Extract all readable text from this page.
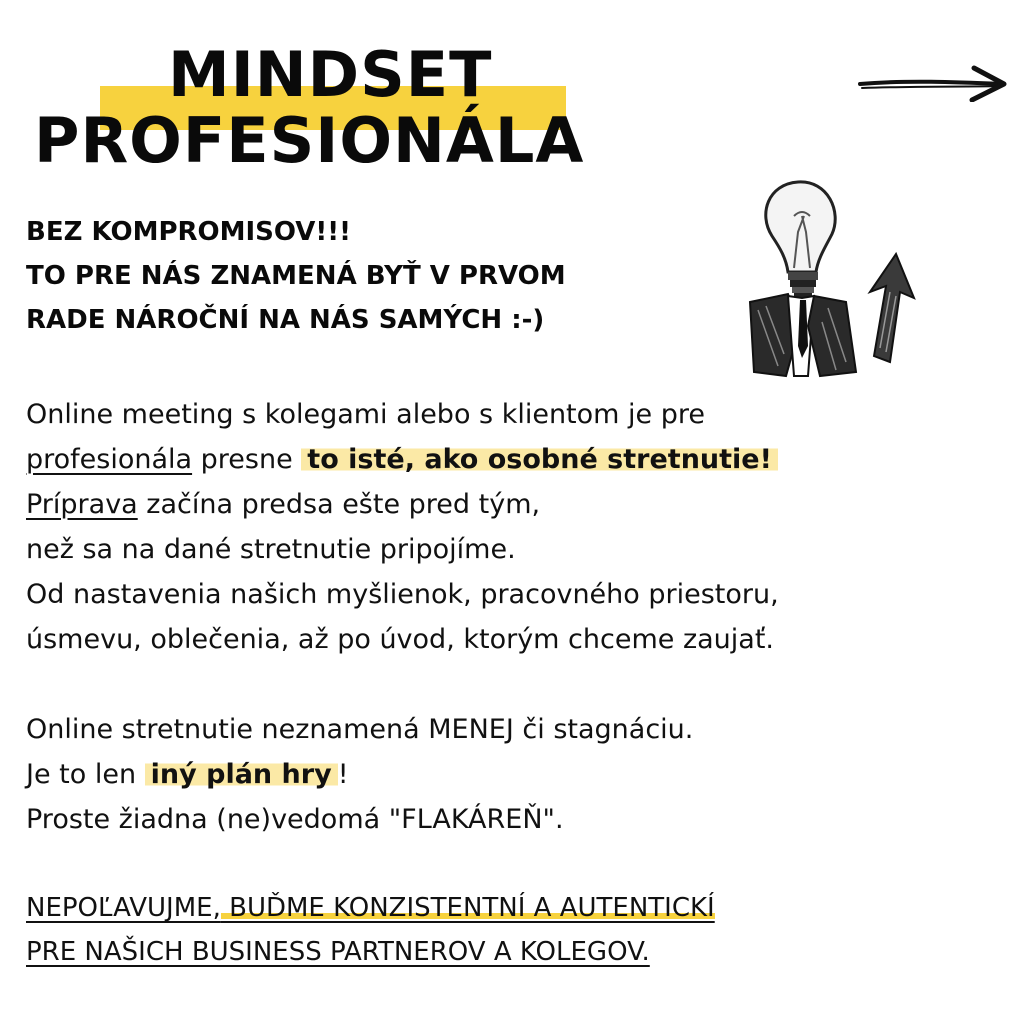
MINDSET
PROFESIONÁLA
BEZ KOMPROMISOV!!!
TO PRE NÁS ZNAMENÁ BYŤ V PRVOM
RADE NÁROČNÍ NA NÁS SAMÝCH :-)
Online meeting s kolegami alebo s klientom je pre
profesionála presne to isté, ako osobné stretnutie!
Príprava začína predsa ešte pred tým,
než sa na dané stretnutie pripojíme.
Od nastavenia našich myšlienok, pracovného priestoru,
úsmevu, oblečenia, až po úvod, ktorým chceme zaujať.
Online stretnutie neznamená MENEJ či stagnáciu.
Je to len iný plán hry !
Proste žiadna (ne)vedomá "FLAKÁREŇ".
NEPOĽAVUJME, BUĎME KONZISTENTNÍ A AUTENTICKÍ
PRE NAŠICH BUSINESS PARTNEROV A KOLEGOV.
